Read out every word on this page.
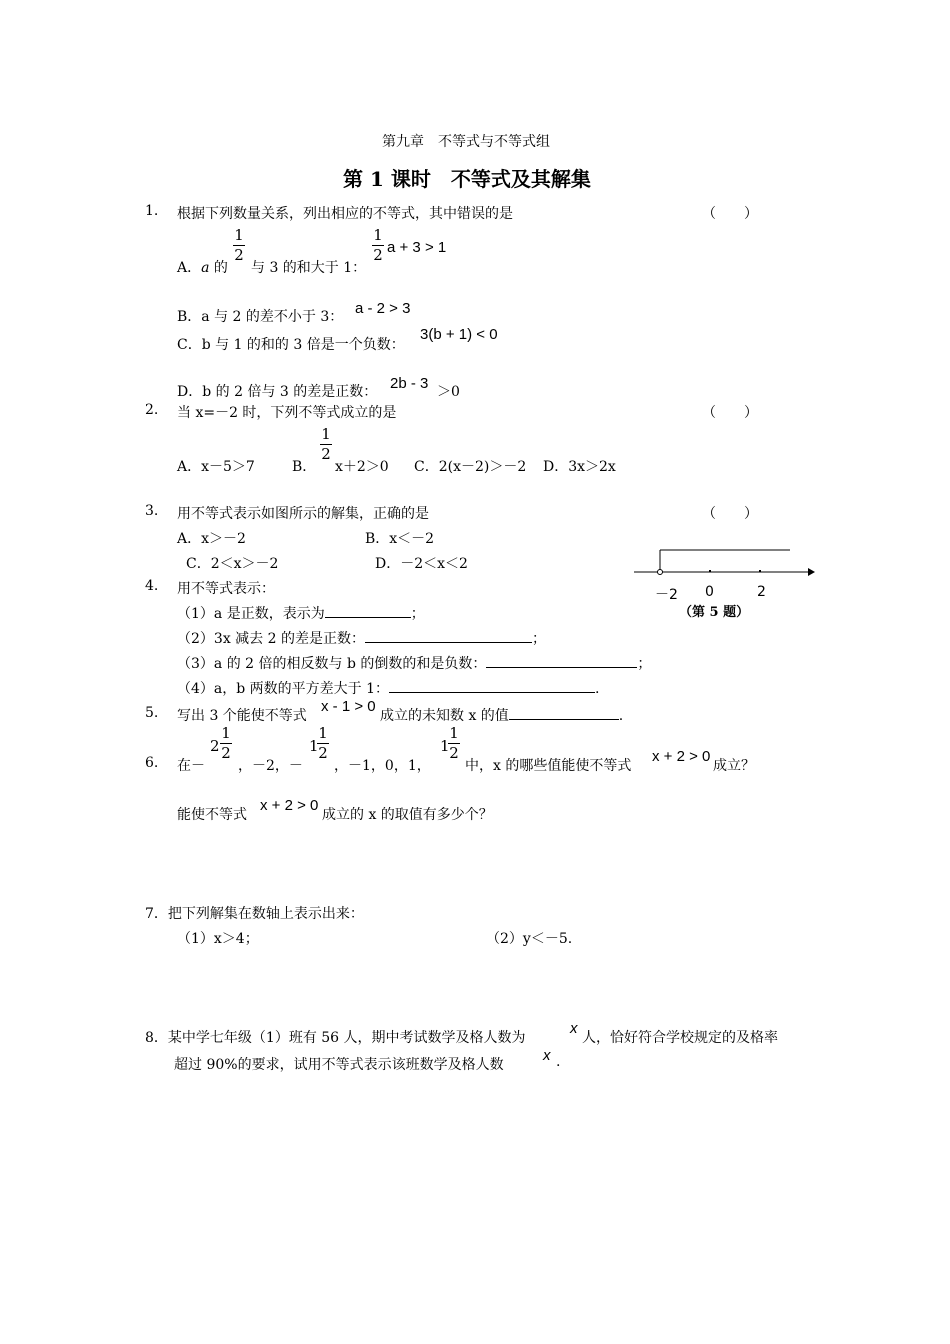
第九章　不等式与不等式组
第 1 课时　不等式及其解集
1. 根据下列数量关系，列出相应的不等式，其中错误的是	（　　）
A．a 的
1
2
与 3 的和大于 1：
1
2 a + 3 > 1
B．a 与 2 的差不小于 3： a - 2 > 3
C．b 与 1 的和的 3 倍是一个负数：
3(b + 1) < 0
D．b 的 2 倍与 3 的差是正数： 2b - 3 ＞0
2. 当 x=－2 时，下列不等式成立的是	（　　）
A．x－5＞7	B．
1
2
x＋2＞0 C．2(x－2)＞－2 D．3x＞2x
3. 用不等式表示如图所示的解集，正确的是	（　　）
A．x＞－2	B．x＜－2
C．2＜x＞－2	D．－2＜x＜2
－2 0	2
（第 5 题）
4. 用不等式表示：
（1）a 是正数，表示为	；
（2）3x 减去 2 的差是正数：	；
（3）a 的 2 倍的相反数与 b 的倒数的和是负数：	；
（4）a，b 两数的平方差大于 1：	.
5. 写出 3 个能使不等式
x - 1 > 0
成立的未知数 x 的值	.
6. 在－
2
1
2
，－2，－
1
1
2
，－1，0，1，
1
1
2
中，x 的哪些值能使不等式
x + 2 > 0
成立？
能使不等式
x + 2 > 0
成立的 x 的取值有多少个？
7．把下列解集在数轴上表示出来：
（1）x＞4；	（2）y＜－5.
8．某中学七年级（1）班有 56 人，期中考试数学及格人数为
x
人，恰好符合学校规定的及格率
超过 90%的要求，试用不等式表示该班数学及格人数
x .
